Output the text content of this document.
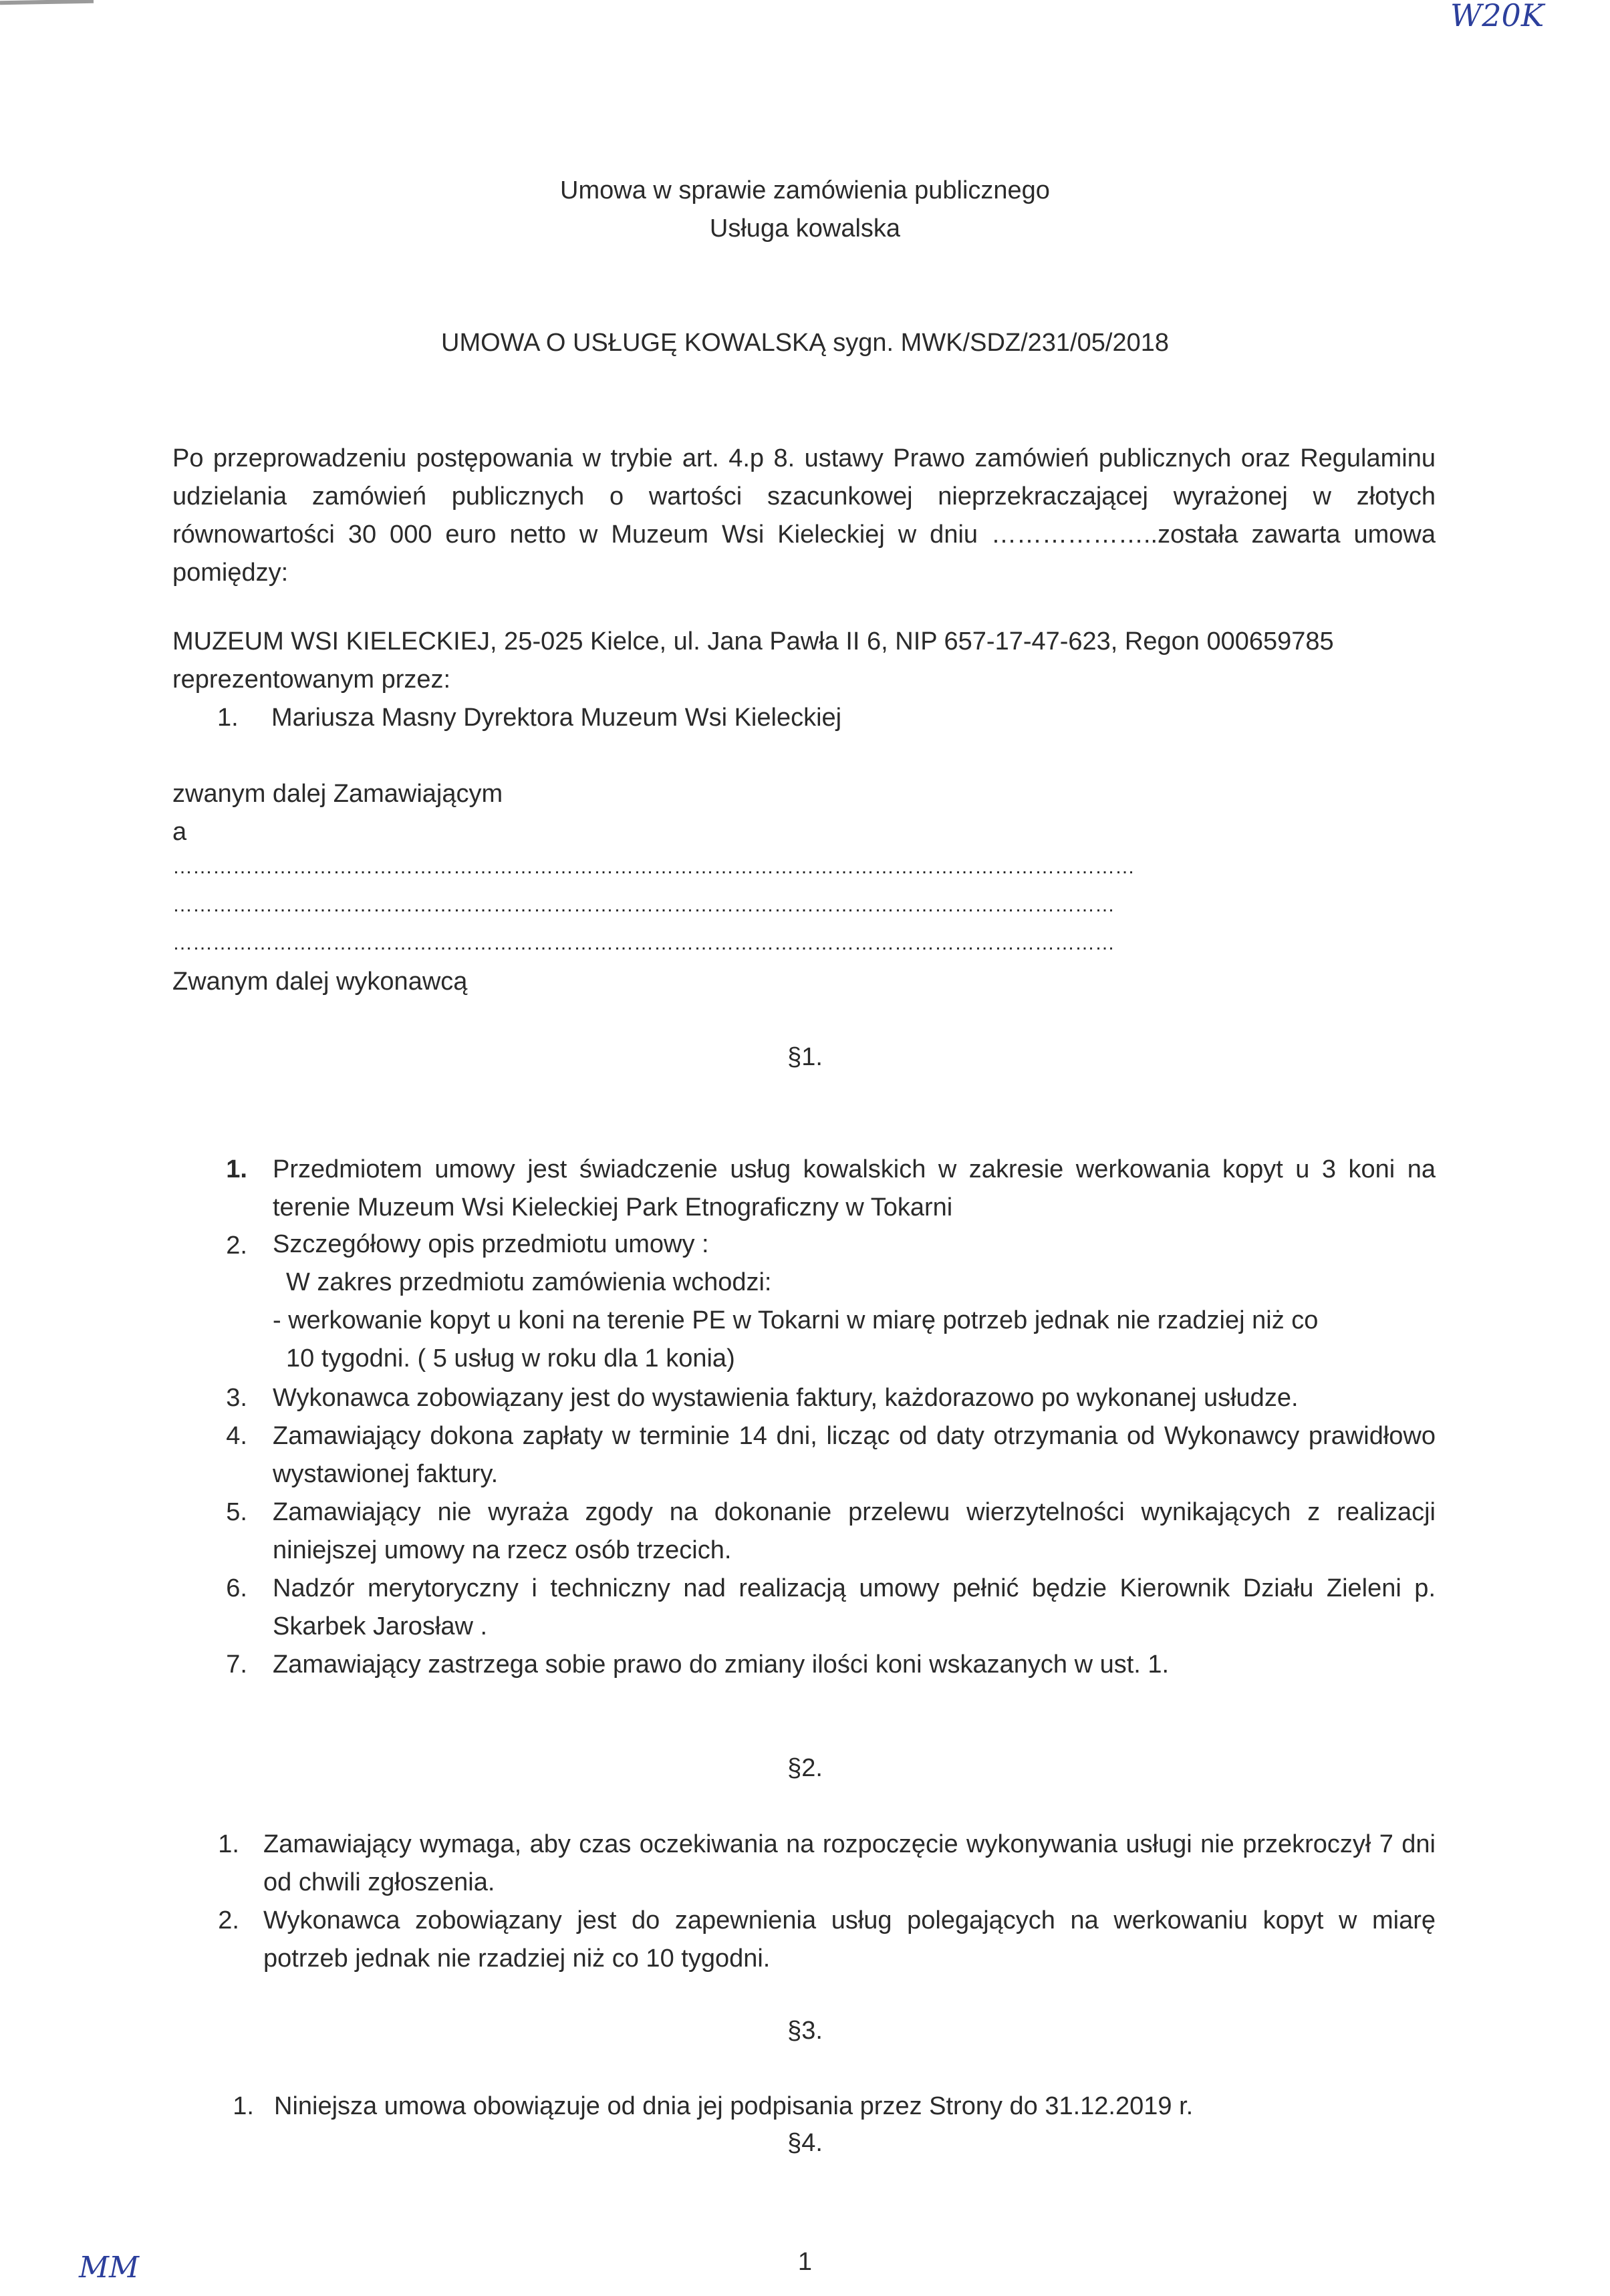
W20K
Umowa w sprawie zamówienia publicznego
Usługa kowalska
UMOWA O USŁUGĘ KOWALSKĄ sygn. MWK/SDZ/231/05/2018
Po przeprowadzeniu postępowania w trybie art. 4.p 8. ustawy Prawo zamówień publicznych oraz Regulaminu udzielania zamówień publicznych o wartości szacunkowej nieprzekraczającej wyrażonej w złotych równowartości 30 000 euro netto w Muzeum Wsi Kieleckiej w dniu ………………..została zawarta umowa pomiędzy:
MUZEUM WSI KIELECKIEJ, 25-025 Kielce, ul. Jana Pawła II 6, NIP 657-17-47-623, Regon 000659785
reprezentowanym przez:
1. Mariusza Masny Dyrektora Muzeum Wsi Kieleckiej
zwanym dalej Zamawiającym
a
………………………………………………………………………………………………………………………………
……………………………………………………………………………………………………………………………
……………………………………………………………………………………………………………………………
Zwanym dalej wykonawcą
§1.
1. Przedmiotem umowy jest świadczenie usług kowalskich w zakresie werkowania kopyt u 3 koni na terenie Muzeum Wsi Kieleckiej Park Etnograficzny w Tokarni
2. Szczegółowy opis przedmiotu umowy :
W zakres przedmiotu zamówienia wchodzi:
- werkowanie kopyt u koni na terenie PE w Tokarni w miarę potrzeb jednak nie rzadziej niż co
10 tygodni. ( 5 usług w roku dla 1 konia)
3. Wykonawca zobowiązany jest do wystawienia faktury, każdorazowo po wykonanej usłudze.
4. Zamawiający dokona zapłaty w terminie 14 dni, licząc od daty otrzymania od Wykonawcy prawidłowo wystawionej faktury.
5. Zamawiający nie wyraża zgody na dokonanie przelewu wierzytelności wynikających z realizacji niniejszej umowy na rzecz osób trzecich.
6. Nadzór merytoryczny i techniczny nad realizacją umowy pełnić będzie Kierownik Działu Zieleni p. Skarbek Jarosław .
7. Zamawiający zastrzega sobie prawo do zmiany ilości koni wskazanych w ust. 1.
§2.
1. Zamawiający wymaga, aby czas oczekiwania na rozpoczęcie wykonywania usługi nie przekroczył 7 dni od chwili zgłoszenia.
2. Wykonawca zobowiązany jest do zapewnienia usług polegających na werkowaniu kopyt w miarę potrzeb jednak nie rzadziej niż co 10 tygodni.
§3.
1. Niniejsza umowa obowiązuje od dnia jej podpisania przez Strony do 31.12.2019 r.
§4.
1
MM
